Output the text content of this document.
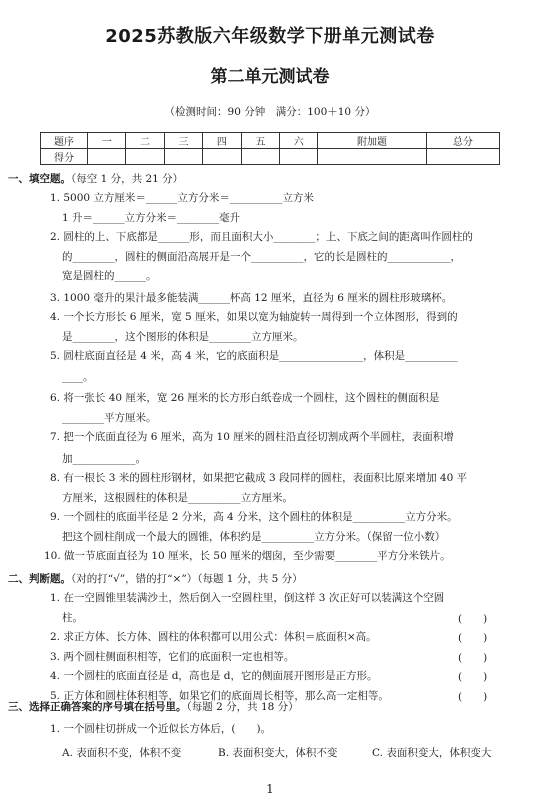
2025苏教版六年级数学下册单元测试卷
第二单元测试卷
（检测时间：90 分钟　满分：100＋10 分）
题序	一	二	三	四	五	六	附加题	总分
得分								
一、填空题。（每空 1 分，共 21 分）
1. 5000 立方厘米＝______立方分米＝__________立方米
1 升＝______立方分米＝________毫升
2. 圆柱的上、下底都是______形，而且面积大小________；上、下底之间的距离叫作圆柱的
的________，圆柱的侧面沿高展开是一个__________，它的长是圆柱的____________，
宽是圆柱的______。
3. 1000 毫升的果汁最多能装满______杯高 12 厘米，直径为 6 厘米的圆柱形玻璃杯。
4. 一个长方形长 6 厘米，宽 5 厘米，如果以宽为轴旋转一周得到一个立体图形，得到的
是________，这个图形的体积是________立方厘米。
5. 圆柱底面直径是 4 米，高 4 米，它的底面积是________________，体积是__________
____。
6. 将一张长 40 厘米，宽 26 厘米的长方形白纸卷成一个圆柱，这个圆柱的侧面积是
________平方厘米。
7. 把一个底面直径为 6 厘米，高为 10 厘米的圆柱沿直径切割成两个半圆柱，表面积增
加____________。
8. 有一根长 3 米的圆柱形钢材，如果把它截成 3 段同样的圆柱，表面积比原来增加 40 平
方厘米，这根圆柱的体积是__________立方厘米。
9. 一个圆柱的底面半径是 2 分米，高 4 分米，这个圆柱的体积是__________立方分米。
把这个圆柱削成一个最大的圆锥，体积约是__________立方分米。（保留一位小数）
10. 做一节底面直径为 10 厘米，长 50 厘米的烟囱，至少需要________平方分米铁片。
二、判断题。（对的打“√”，错的打“×”）（每题 1 分，共 5 分）
1. 在一空圆锥里装满沙土，然后倒入一空圆柱里，倒这样 3 次正好可以装满这个空圆
柱。	(　　)
2. 求正方体、长方体、圆柱的体积都可以用公式：体积＝底面积×高。	(　　)
3. 两个圆柱侧面积相等，它们的底面积一定也相等。	(　　)
4. 一个圆柱的底面直径是 d，高也是 d，它的侧面展开图形是正方形。	(　　)
5. 正方体和圆柱体积相等，如果它们的底面周长相等，那么高一定相等。	(　　)
三、选择正确答案的序号填在括号里。（每题 2 分，共 18 分）
1
1. 一个圆柱切拼成一个近似长方体后，(　　)。
A. 表面积不变，体积不变	B. 表面积变大，体积不变	C. 表面积变大，体积变大
